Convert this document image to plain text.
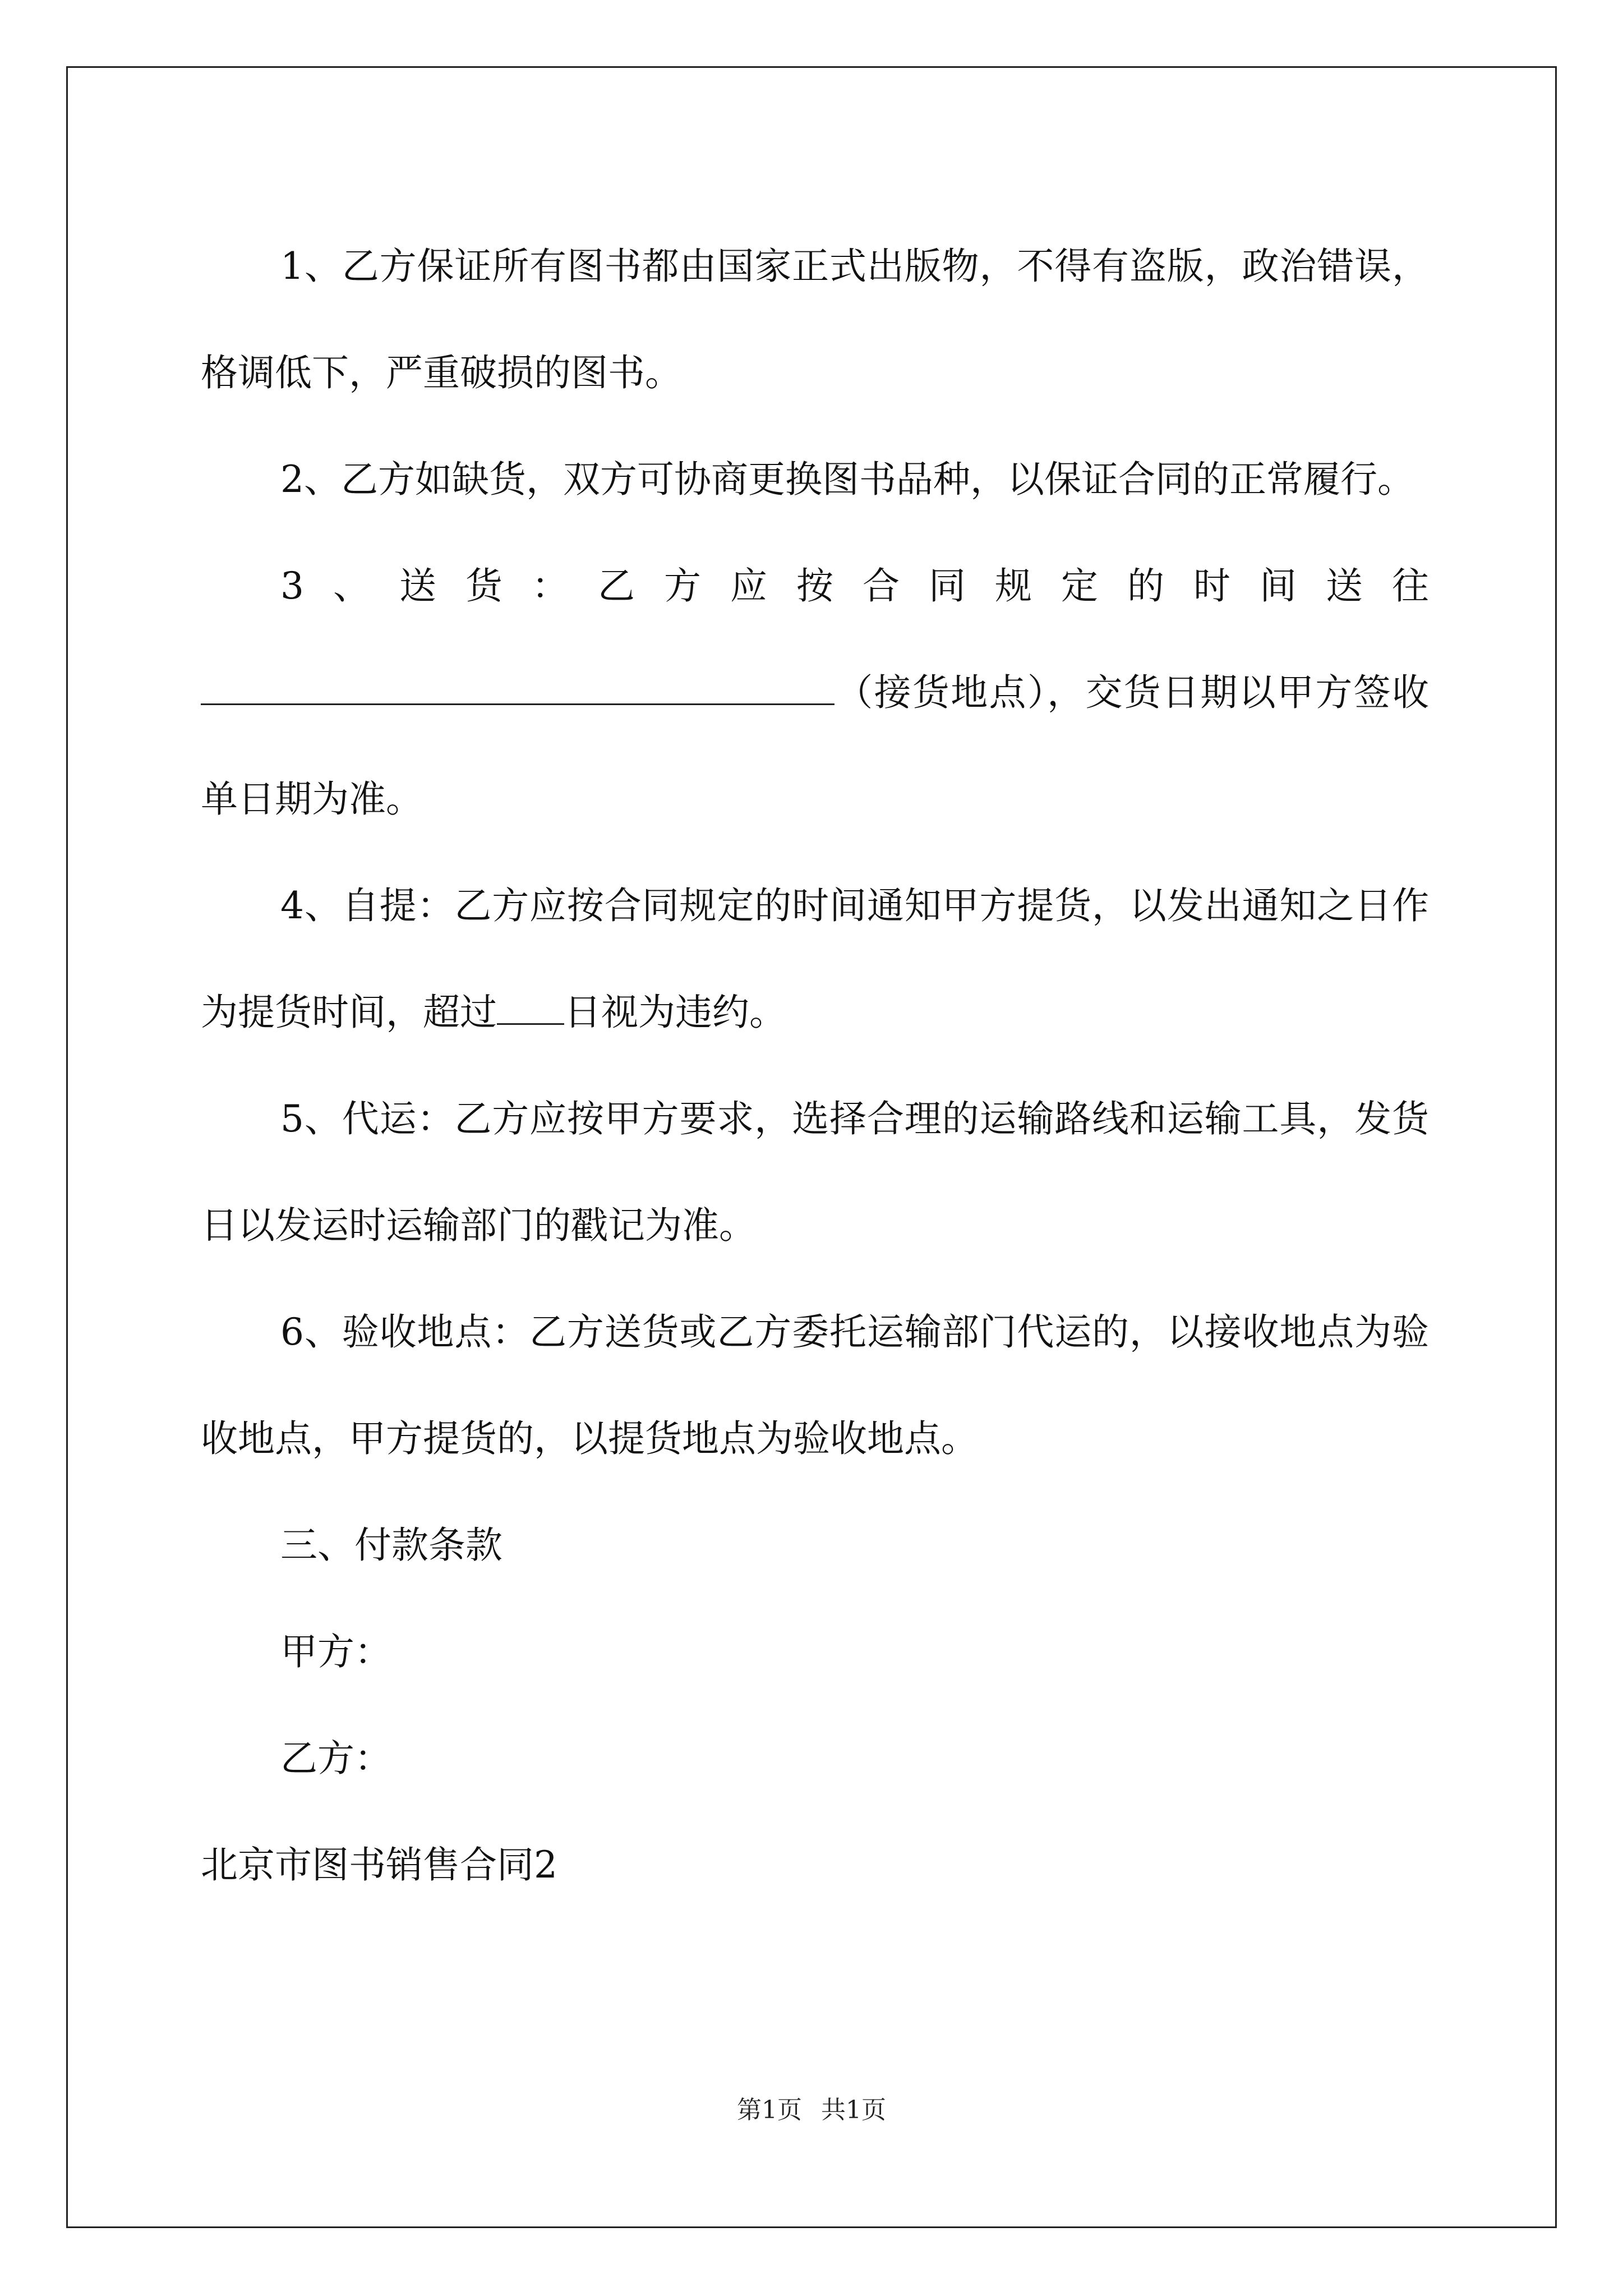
1、乙方保证所有图书都由国家正式出版物，不得有盗版，政治错误，格调低下，严重破损的图书。

2、乙方如缺货，双方可协商更换图书品种，以保证合同的正常履行。

3、送货：乙方应按合同规定的时间送往（接货地点），交货日期以甲方签收单日期为准。

4、自提：乙方应按合同规定的时间通知甲方提货，以发出通知之日作为提货时间，超过 日视为违约。

5、代运：乙方应按甲方要求，选择合理的运输路线和运输工具，发货日以发运时运输部门的戳记为准。

6、验收地点：乙方送货或乙方委托运输部门代运的，以接收地点为验收地点，甲方提货的，以提货地点为验收地点。

三、付款条款

甲方：

乙方：

北京市图书销售合同2

第1页 共1页
